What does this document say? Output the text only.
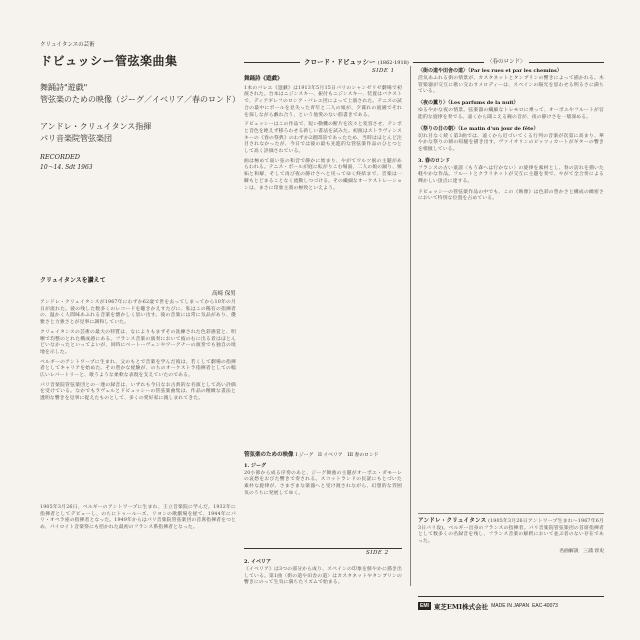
クリュイタンスの芸術
ドビュッシー管弦楽曲集
舞踊詩"遊戯"
管弦楽のための映像（ジーグ／イベリア／春のロンド）
アンドレ・クリュイタンス指揮
パリ音楽院管弦楽団
RECORDED
10〜14. Sdt 1963
クリュイタンスを讃えて
高崎 保男

アンドレ・クリュイタンスが1967年にわずか62歳で世を去ってしまってから10年の月日が流れた。彼の残した数多くのレコードを聴きかえすたびに、私はこの稀有の指揮者の、温かく人間味あふれる音楽を懐かしく思い出す。彼の音楽には常に気品があり、優雅さと力強さとが見事に調和していた。

クリュイタンスの芸術の最大の特質は、なによりもまずその洗練された色彩感覚と、明晰で均整のとれた構成感にある。フランス音楽の演奏において彼の右に出る者はほとんどいなかったといってよいが、同時にベートーヴェンやワーグナーの演奏でも独自の境地を示した。

ベルギーのアントワープに生まれ、父のもとで音楽を学んだ彼は、若くして劇場の指揮者としてキャリアを始めた。その豊かな経験が、のちのオーケストラ指揮者としての幅広いレパートリーと、歌うような柔軟な表現を支えていたのである。

パリ音楽院管弦楽団との一連の録音は、いずれも今日なお古典的な名演として高い評価を受けている。なかでもラヴェルとドビュッシーの管弦楽曲集は、作品の精緻な書法と透明な響きを見事に捉えたものとして、多くの愛好家に親しまれてきた。

1905年3月26日、ベルギーのアントワープに生まれ、王立音楽院に学んだ。1932年に指揮者としてデビューし、のちにトゥールーズ、リヨンの歌劇場を経て、1944年にパリ・オペラ座の指揮者となった。1949年からはパリ音楽院管弦楽団の首席指揮者をつとめ、バイロイト音楽祭にも招かれた最初のフランス系指揮者となった。

クロード・ドビュッシー (1862-1918)	〈春のロンド〉
SIDE 1
舞踊詩《遊戯》

1本のバレエ《遊戯》は1913年5月15日パリのシャンゼリゼ劇場で初演された。台本はニジンスキー、振付もニジンスキー、装置はバクストで、ディアギレフのロシア・バレエ団によって上演された。テニスの試合の最中にボールを見失った青年と二人の娘が、夕暮れの庭園でそれを探しながら戯れ合う、という他愛のない筋書きである。

ドビュッシーはこの作品で、短い動機の断片を次々と変容させ、テンポと音色を絶えず移ろわせる新しい書法を試みた。初演はストラヴィンスキーの《春の祭典》のわずか2週間前であったため、当時はほとんど注目されなかったが、今日では彼の最も先進的な管弦楽作品のひとつとして高く評価されている。

曲は極めて弱い弦の和音で静かに始まり、やがてワルツ風の主題があらわれる。テニス・ボールが庭に転がりこむ場面、二人の娘の踊り、嫉妬と和解、そして再び夜の静けさへと戻ってゆく終結まで、音楽は一瞬もとどまることなく流動しつづける。その繊細なオーケストレーションは、まさに印象主義の極致といえよう。

管弦楽のための映像 I ジーグ　II イベリア　III 春のロンド
1. ジーグ

20小節から成る序奏のあと、ジーグ舞曲の主題がオーボエ・ダモーレの哀愁をおびた響きで奏される。スコットランドの民謡にもとづいた素朴な旋律が、さまざまな楽器へと受け渡されながら、幻想的な雰囲気のうちに発展してゆく。

SIDE 2
2. イベリア

《イベリア》は3つの部分から成り、スペインの印象を鮮やかに描き出している。第1曲〈街の道や田舎の道〉はカスタネットやタンブリンの響きにのって生気に満ちたリズムで始まる。

〈街の道や田舎の道〉（Par les rues et par les chemins）

活気あふれる街の情景が、カスタネットとタンブリンの響きによって描かれる。木管楽器が交互に歌い交わすメロディーは、スペインの陽光を思わせる明るさに満ちている。

〈夜の薫り〉（Les parfums de la nuit）

ゆるやかな夜の情景。弦楽器の繊細なトレモロに乗って、オーボエやフルートが官能的な旋律を奏でる。遠くから聞こえる鐘の音が、夜の静けさを一層深める。

〈祭りの日の朝〉（Le matin d'un jour de fête）

切れ目なく続く第3曲では、遠くから近づいてくる行列の音楽が次第に高まり、華やかな祭りの朝の喧騒を描き出す。ヴァイオリンのピッツィカートがギターの響きを模倣している。

3. 春のロンド

フランスの古い童謡〈もう森へは行かない〉の旋律を素材とし、春の訪れを描いた軽やかな作品。フルートとクラリネットが交互に主題を奏で、やがて全合奏による輝かしい頂点に達する。

ドビュッシーの管弦楽作品の中でも、この《映像》は色彩の豊かさと構成の緻密さにおいて特別な位置を占めている。

アンドレ・クリュイタンス (1905年3月26日アントワープ生まれ〜1967年6月3日パリ没)。ベルギー出身のフランスの指揮者。パリ音楽院管弦楽団の首席指揮者として数多くの名録音を残し、フランス音楽の解釈において並ぶ者のない存在であった。

名曲解説　三浦 淳史
EMI 東芝EMI株式会社 MADE IN JAPAN EAC-40073
